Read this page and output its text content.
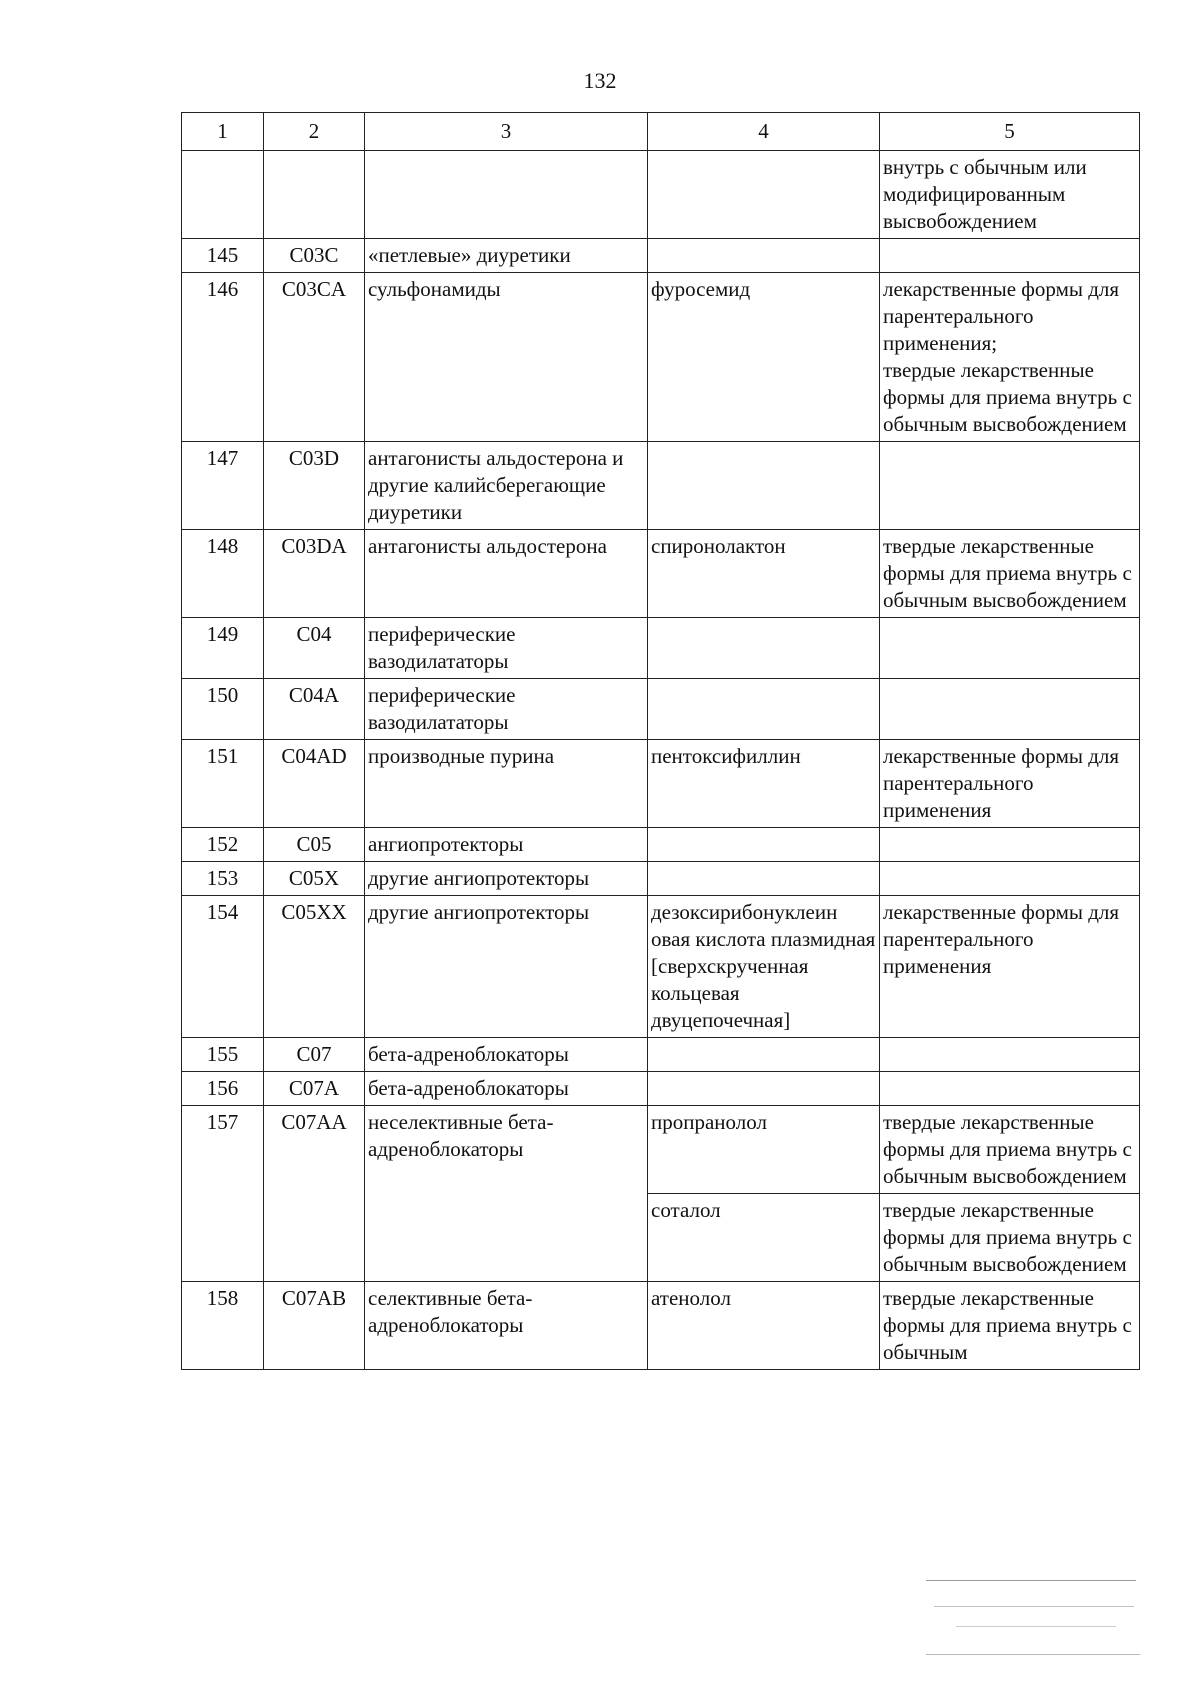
132
1	2	3	4	5
				внутрь с обычным или модифицированным высвобождением
145	C03C	«петлевые» диуретики		
146	C03CA	сульфонамиды	фуросемид	лекарственные формы для парентерального применения;
твердые лекарственные формы для приема внутрь с обычным высвобождением
147	C03D	антагонисты альдостерона и другие калийсберегающие диуретики		
148	C03DA	антагонисты альдостерона	спиронолактон	твердые лекарственные формы для приема внутрь с обычным высвобождением
149	C04	периферические вазодилататоры		
150	C04A	периферические вазодилататоры		
151	C04AD	производные пурина	пентоксифиллин	лекарственные формы для парентерального применения
152	C05	ангиопротекторы		
153	C05X	другие ангиопротекторы		
154	C05XX	другие ангиопротекторы	дезоксирибонуклеин овая кислота плазмидная [сверхскрученная кольцевая двуцепочечная]	лекарственные формы для парентерального применения
155	C07	бета-адреноблокаторы		
156	C07A	бета-адреноблокаторы		
157	C07AA	неселективные бета-адреноблокаторы	пропранолол	твердые лекарственные формы для приема внутрь с обычным высвобождением
			соталол	твердые лекарственные формы для приема внутрь с обычным высвобождением
158	C07AB	селективные бета-адреноблокаторы	атенолол	твердые лекарственные формы для приема внутрь с обычным
